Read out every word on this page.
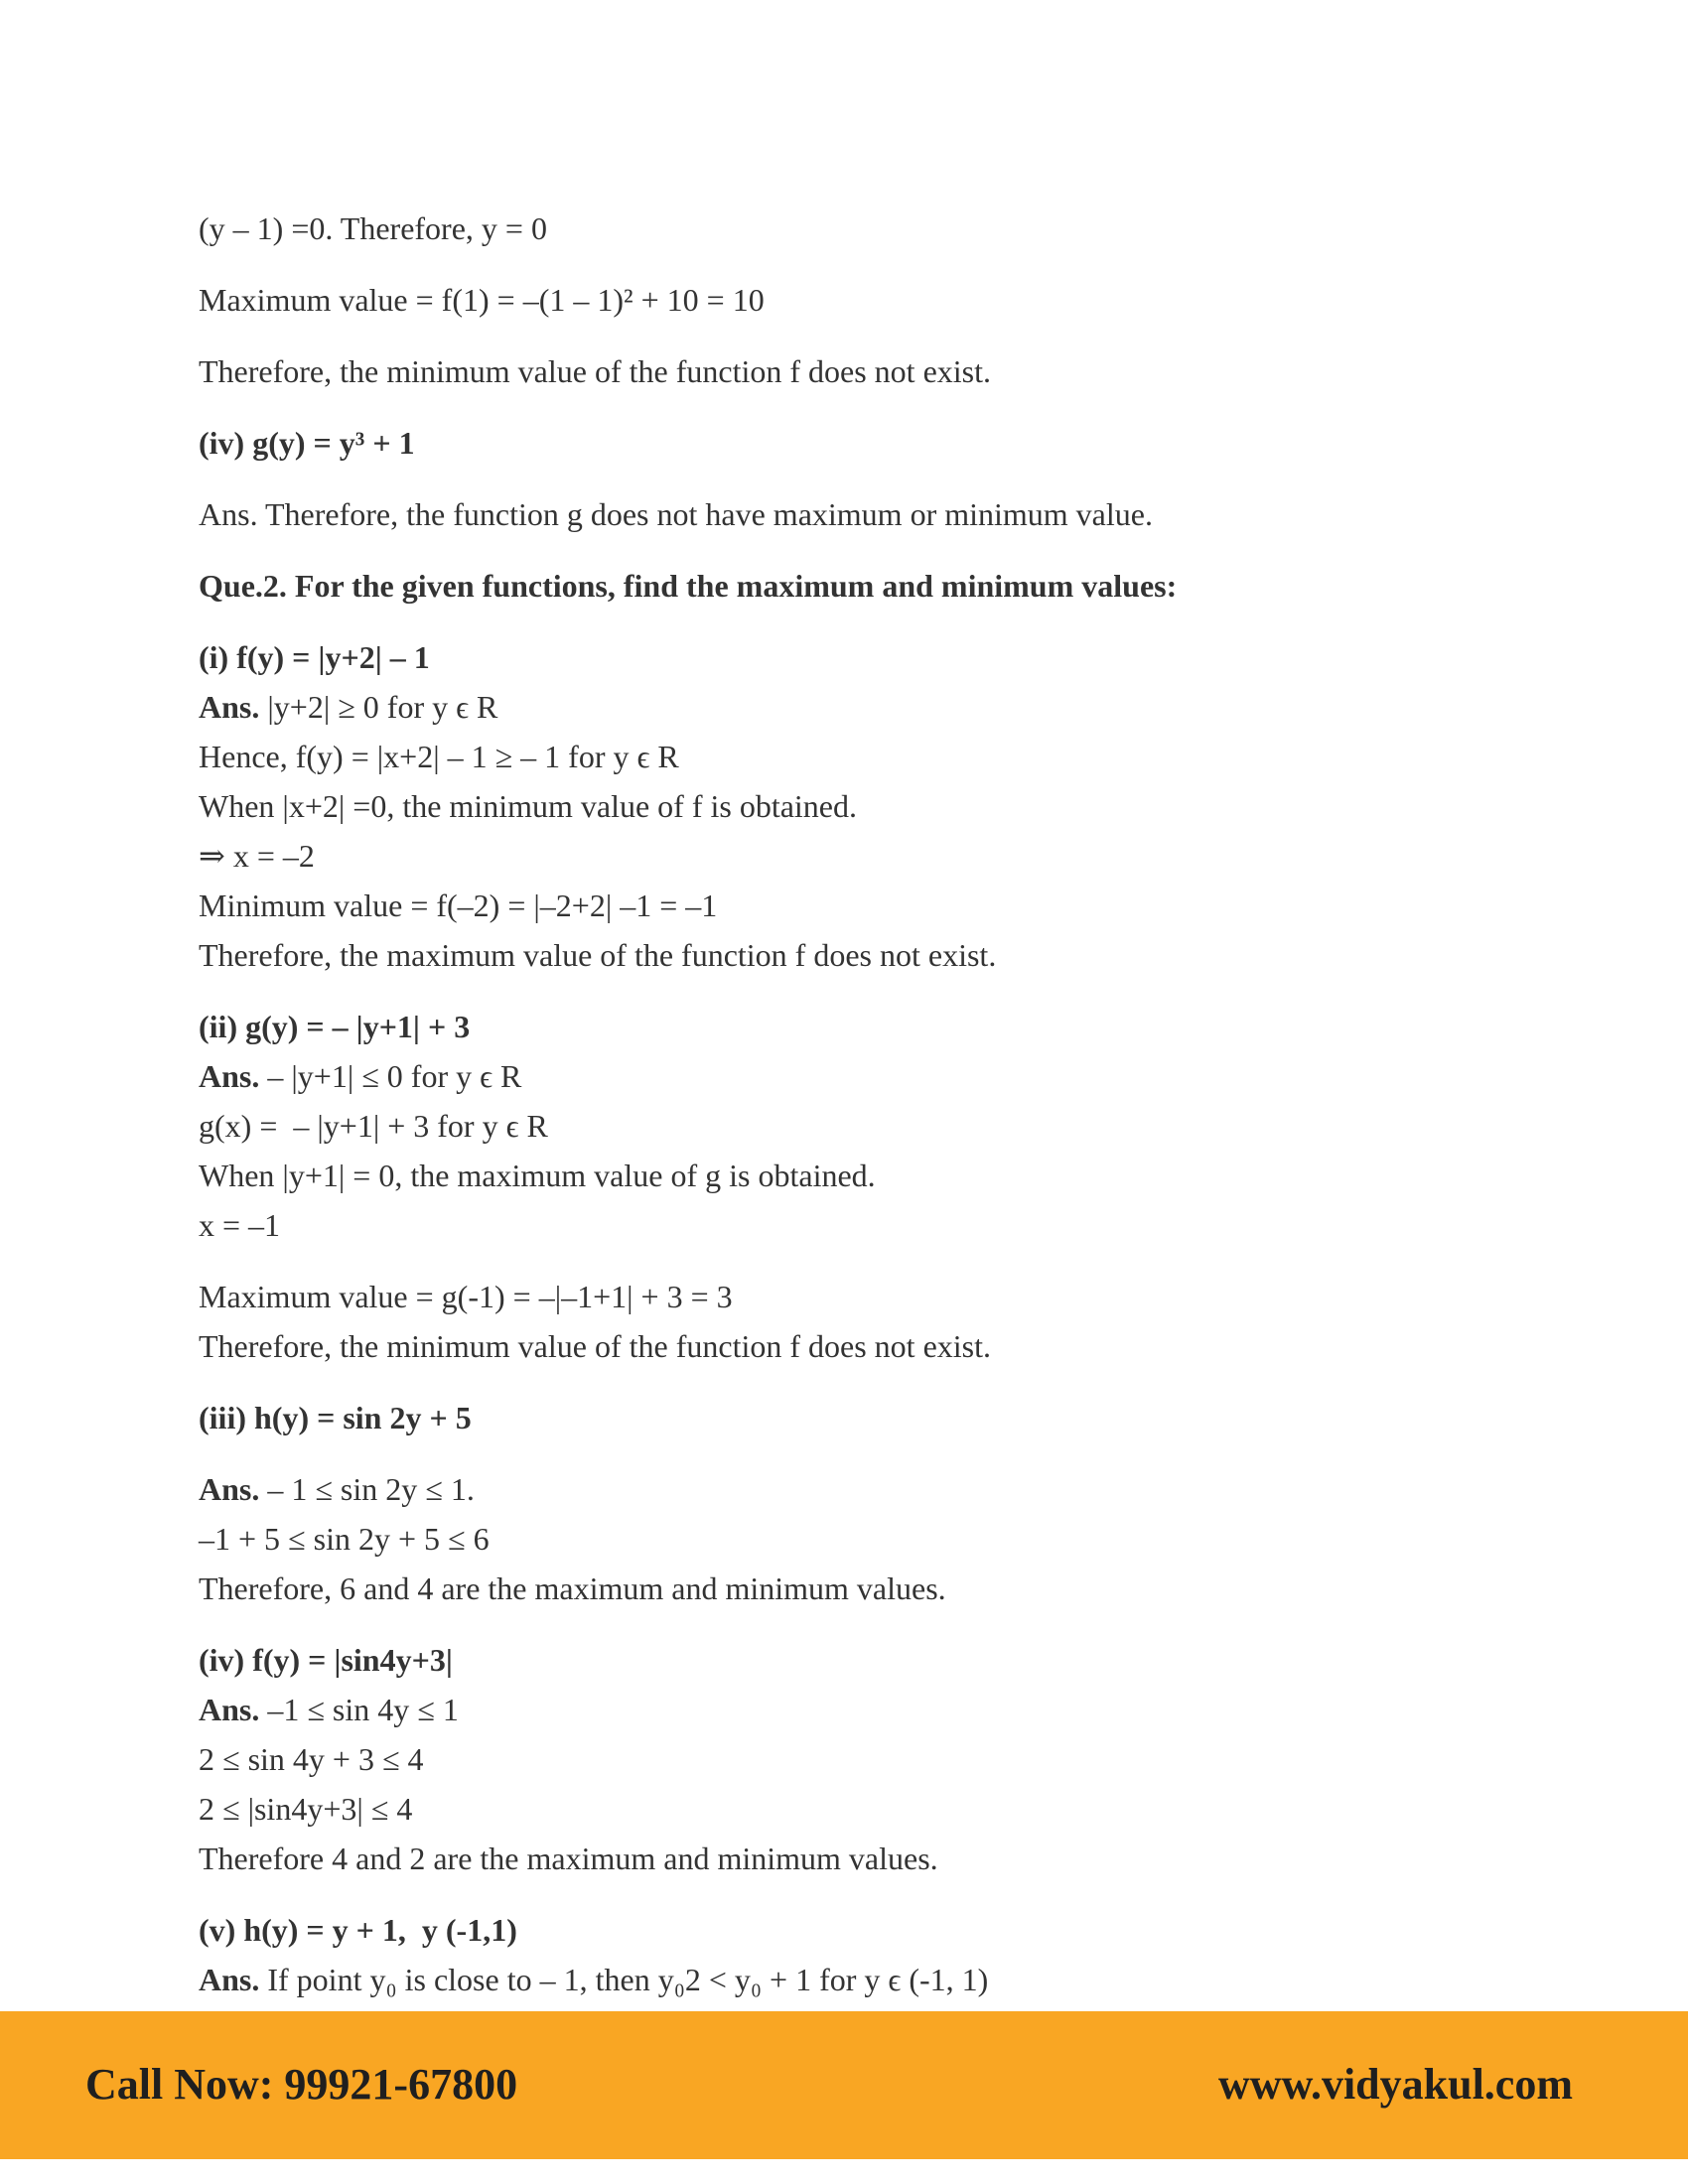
(y – 1) =0. Therefore, y = 0

Maximum value = f(1) = –(1 – 1)² + 10 = 10

Therefore, the minimum value of the function f does not exist.

(iv) g(y) = y³ + 1

Ans. Therefore, the function g does not have maximum or minimum value.

Que.2. For the given functions, find the maximum and minimum values:

(i) f(y) = |y+2| – 1

Ans. |y+2| ≥ 0 for y ϵ R

Hence, f(y) = |x+2| – 1 ≥ – 1 for y ϵ R

When |x+2| =0, the minimum value of f is obtained.

⇒ x = –2

Minimum value = f(–2) = |–2+2| –1 = –1

Therefore, the maximum value of the function f does not exist.

(ii) g(y) = – |y+1| + 3

Ans. – |y+1| ≤ 0 for y ϵ R

g(x) =  – |y+1| + 3 for y ϵ R

When |y+1| = 0, the maximum value of g is obtained.

x = –1

Maximum value = g(-1) = –|–1+1| + 3 = 3

Therefore, the minimum value of the function f does not exist.

(iii) h(y) = sin 2y + 5

Ans. – 1 ≤ sin 2y ≤ 1.

–1 + 5 ≤ sin 2y + 5 ≤ 6

Therefore, 6 and 4 are the maximum and minimum values.

(iv) f(y) = |sin4y+3|

Ans. –1 ≤ sin 4y ≤ 1

2 ≤ sin 4y + 3 ≤ 4

2 ≤ |sin4y+3| ≤ 4

Therefore 4 and 2 are the maximum and minimum values.

(v) h(y) = y + 1,  y (-1,1)

Ans. If point y₀ is close to – 1, then y₀2 < y₀ + 1 for y ϵ (-1, 1)

Call Now: 99921-67800	www.vidyakul.com
